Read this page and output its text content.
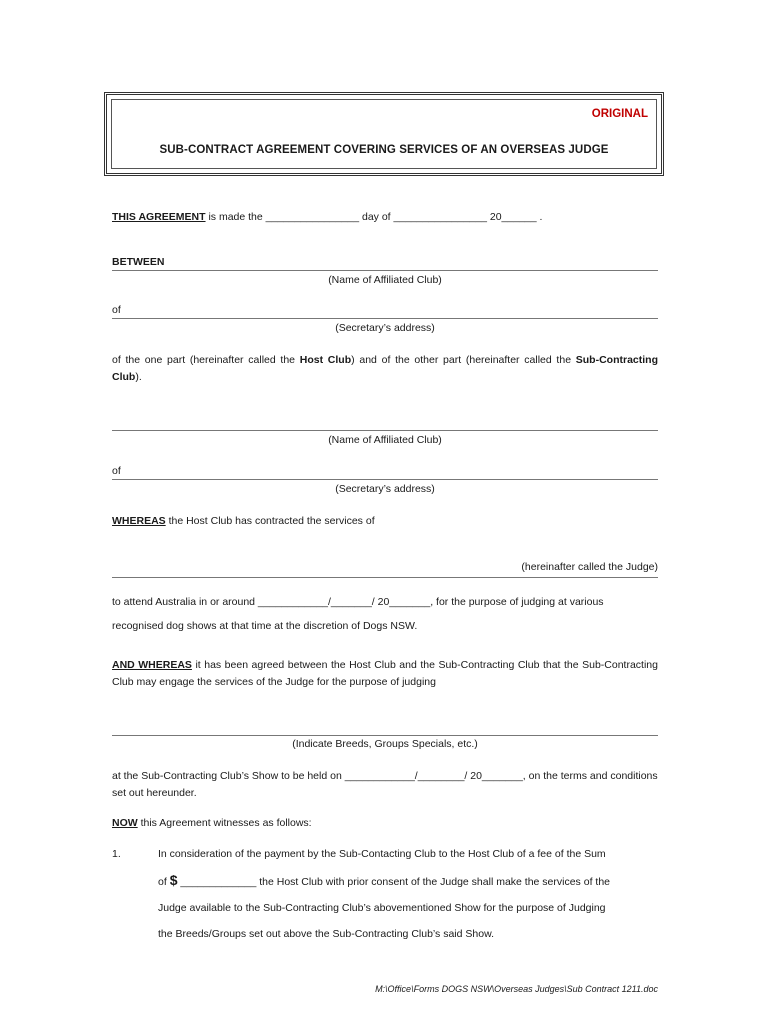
ORIGINAL
SUB-CONTRACT AGREEMENT COVERING SERVICES OF AN OVERSEAS JUDGE
THIS AGREEMENT is made the ________________ day of ________________ 20______ .
BETWEEN
(Name of Affiliated Club)
of
(Secretary’s address)
of the one part (hereinafter called the Host Club) and of the other part (hereinafter called the Sub-Contracting Club).
(Name of Affiliated Club)
of
(Secretary’s address)
WHEREAS the Host Club has contracted the services of
(hereinafter called the Judge)
to attend Australia in or around ____________/_______/ 20_______, for the purpose of judging at various
recognised dog shows at that time at the discretion of Dogs NSW.
AND WHEREAS it has been agreed between the Host Club and the Sub-Contracting Club that the Sub-Contracting Club may engage the services of the Judge for the purpose of judging
(Indicate Breeds, Groups Specials, etc.)
at the Sub-Contracting Club’s Show to be held on ____________/________/ 20_______, on the terms and conditions set out hereunder.
NOW this Agreement witnesses as follows:
1.	In consideration of the payment by the Sub-Contacting Club to the Host Club of a fee of the Sum
of $ _____________ the Host Club with prior consent of the Judge shall make the services of the
Judge available to the Sub-Contracting Club’s abovementioned Show for the purpose of Judging
the Breeds/Groups set out above the Sub-Contracting Club’s said Show.
M:\Office\Forms DOGS NSW\Overseas Judges\Sub Contract 1211.doc
